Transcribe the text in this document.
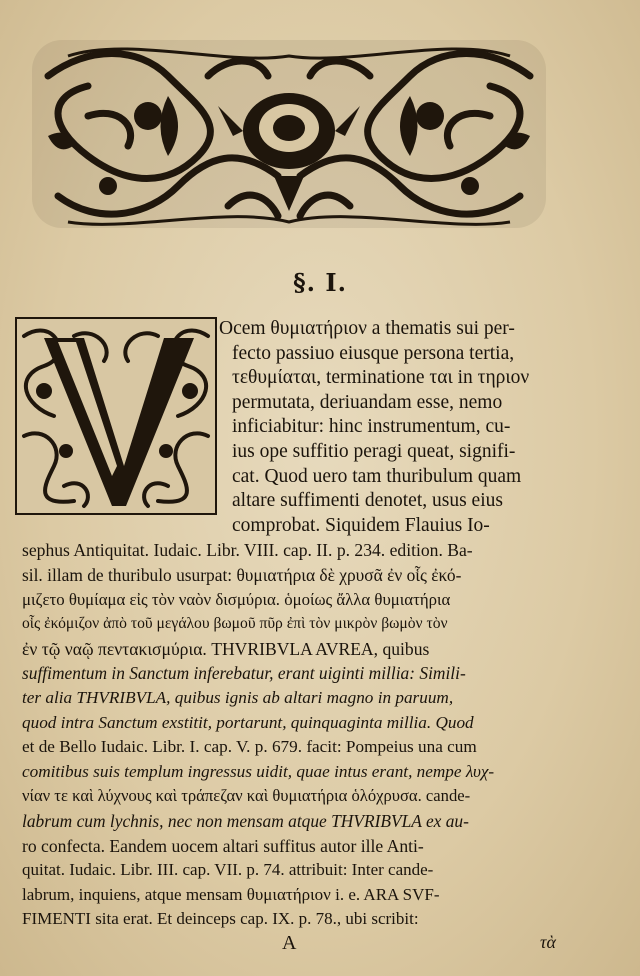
§. I.
Ocem θυμιατήριον a thematis sui per-
fecto passiuo eiusque persona tertia,
τεθυμίαται, terminatione ται in τηριον
permutata, deriuandam esse, nemo
inficiabitur: hinc instrumentum, cu-
ius ope suffitio peragi queat, signifi-
cat. Quod uero tam thuribulum quam
altare suffimenti denotet, usus eius
comprobat. Siquidem Flauius Io-
sephus Antiquitat. Iudaic. Libr. VIII. cap. II. p. 234. edition. Ba-
sil. illam de thuribulo usurpat: θυμιατήρια δὲ χρυσᾶ ἐν οἷς ἐκό-
μιζετο θυμίαμα εἰς τὸν ναὸν δισμύρια. ὁμοίως ἄλλα θυμιατήρια
οἷς ἐκόμιζον ἀπὸ τοῦ μεγάλου βωμοῦ πῦρ ἐπὶ τὸν μικρὸν βωμὸν τὸν
ἐν τῷ ναῷ πεντακισμύρια. THVRIBVLA AVREA, quibus
suffimentum in Sanctum inferebatur, erant uiginti millia: Simili-
ter alia THVRIBVLA, quibus ignis ab altari magno in paruum,
quod intra Sanctum exstitit, portarunt, quinquaginta millia. Quod
et de Bello Iudaic. Libr. I. cap. V. p. 679. facit: Pompeius una cum
comitibus suis templum ingressus uidit, quae intus erant, nempe λυχ-
νίαν τε καὶ λύχνους καὶ τράπεζαν καὶ θυμιατήρια ὁλόχρυσα. cande-
labrum cum lychnis, nec non mensam atque THVRIBVLA ex au-
ro confecta. Eandem uocem altari suffitus autor ille Anti-
quitat. Iudaic. Libr. III. cap. VII. p. 74. attribuit: Inter cande-
labrum, inquiens, atque mensam θυμιατήριον i. e. ARA SVF-
FIMENTI sita erat. Et deinceps cap. IX. p. 78., ubi scribit:
A	τὰ
